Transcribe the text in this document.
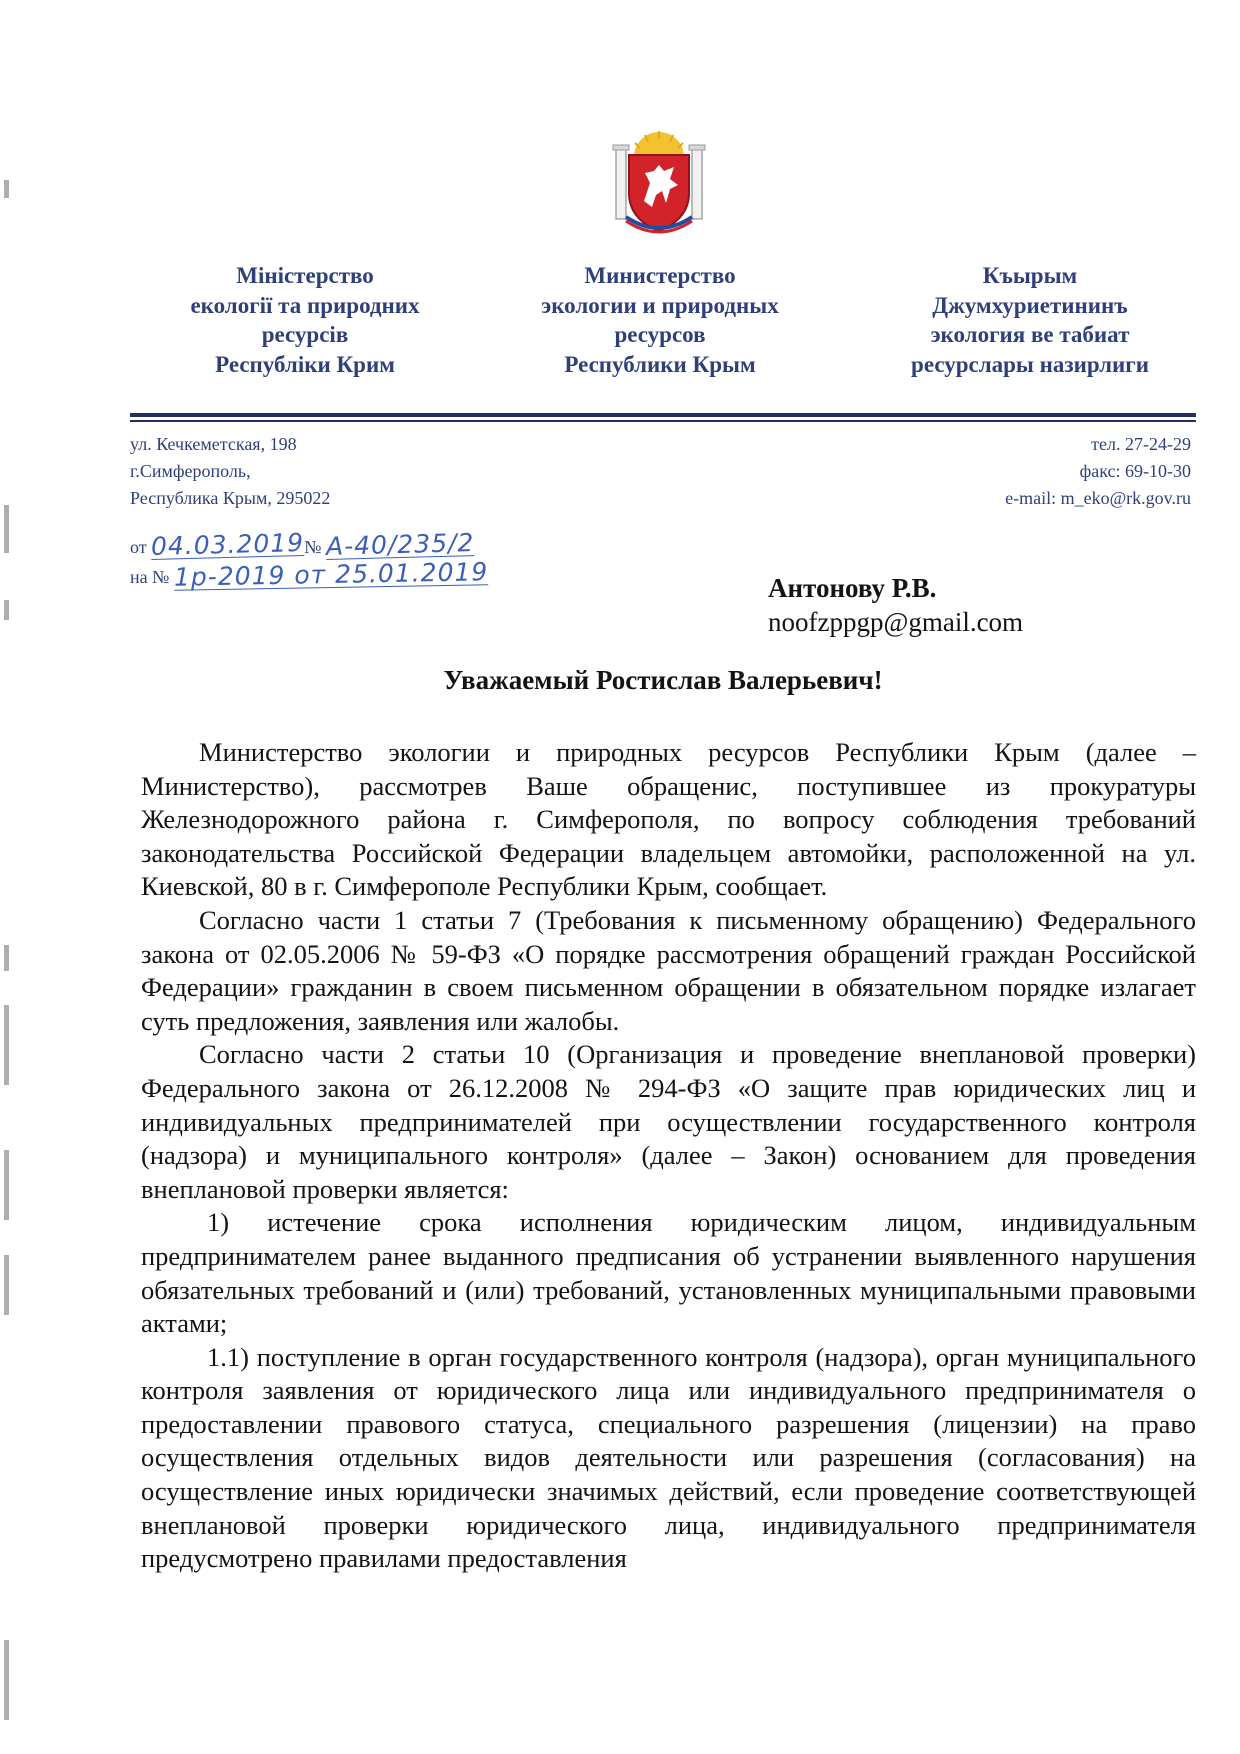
Міністерство
екології та природних
ресурсів
Республіки Крим
Министерство
экологии и природных
ресурсов
Республики Крым
Къырым
Джумхуриетининъ
экология ве табиат
ресурслары назирлиги
ул. Кечкеметская, 198
г.Симферополь,
Республика Крым, 295022
тел. 27-24-29
факс: 69-10-30
e-mail: m_eko@rk.gov.ru
от 04.03.2019№ А-40/235/2
на № 1р-2019 от 25.01.2019	Антонову Р.В.
noofzppgp@gmail.com
Уважаемый Ростислав Валерьевич!

Министерство экологии и природных ресурсов Республики Крым (далее – Министерство), рассмотрев Ваше обращенис, поступившее из прокуратуры Железнодорожного района г. Симферополя, по вопросу соблюдения требований законодательства Российской Федерации владельцем автомойки, расположенной на ул. Киевской, 80 в г. Симферополе Республики Крым, сообщает.

Согласно части 1 статьи 7 (Требования к письменному обращению) Федерального закона от 02.05.2006 № 59-ФЗ «О порядке рассмотрения обращений граждан Российской Федерации» гражданин в своем письменном обращении в обязательном порядке излагает суть предложения, заявления или жалобы.

Согласно части 2 статьи 10 (Организация и проведение внеплановой проверки) Федерального закона от 26.12.2008 № 294-ФЗ «О защите прав юридических лиц и индивидуальных предпринимателей при осуществлении государственного контроля (надзора) и муниципального контроля» (далее – Закон) основанием для проведения внеплановой проверки является:

1) истечение срока исполнения юридическим лицом, индивидуальным предпринимателем ранее выданного предписания об устранении выявленного нарушения обязательных требований и (или) требований, установленных муниципальными правовыми актами;

1.1) поступление в орган государственного контроля (надзора), орган муниципального контроля заявления от юридического лица или индивидуального предпринимателя о предоставлении правового статуса, специального разрешения (лицензии) на право осуществления отдельных видов деятельности или разрешения (согласования) на осуществление иных юридически значимых действий, если проведение соответствующей внеплановой проверки юридического лица, индивидуального предпринимателя предусмотрено правилами предоставления
